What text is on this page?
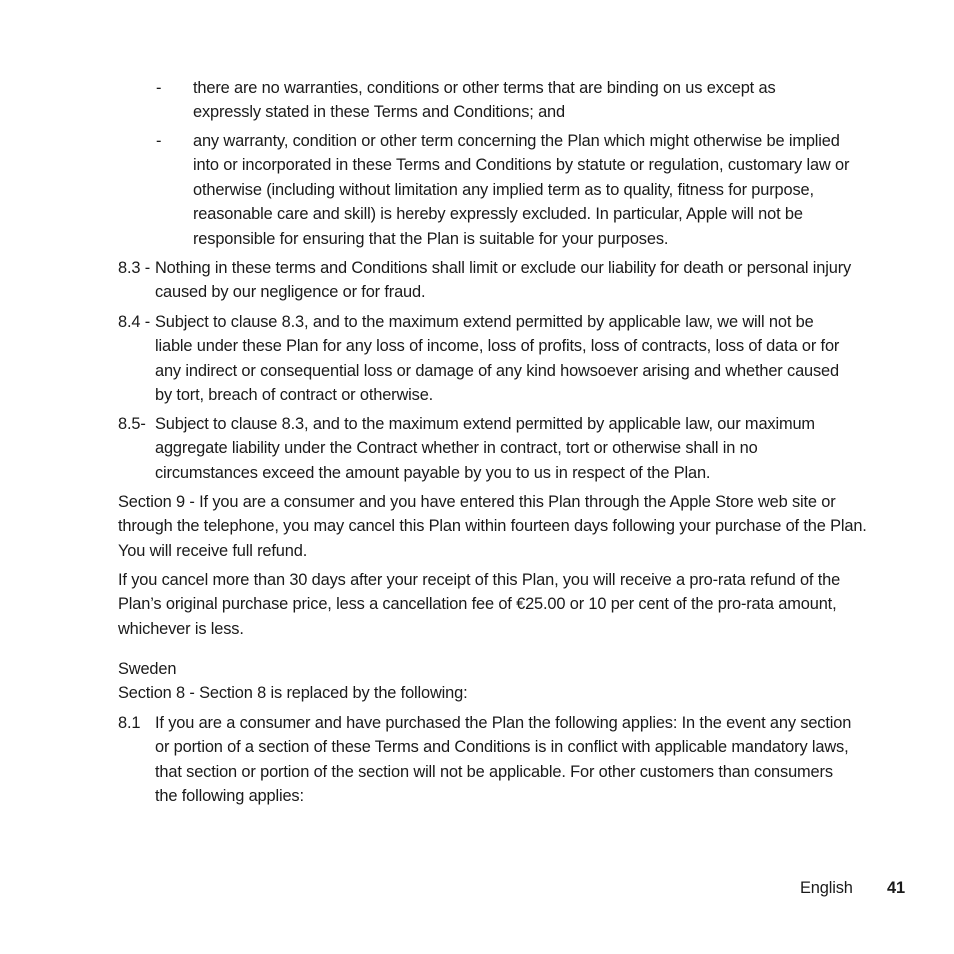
- there are no warranties, conditions or other terms that are binding on us except as expressly stated in these Terms and Conditions; and
- any warranty, condition or other term concerning the Plan which might otherwise be implied into or incorporated in these Terms and Conditions by statute or regulation, customary law or otherwise (including without limitation any implied term as to quality, fitness for purpose, reasonable care and skill) is hereby expressly excluded. In particular, Apple will not be responsible for ensuring that the Plan is suitable for your purposes.
8.3 - Nothing in these terms and Conditions shall limit or exclude our liability for death or personal injury caused by our negligence or for fraud.
8.4 - Subject to clause 8.3, and to the maximum extend permitted by applicable law, we will not be liable under these Plan for any loss of income, loss of profits, loss of contracts, loss of data or for any indirect or consequential loss or damage of any kind howsoever arising and whether caused by tort, breach of contract or otherwise.
8.5- Subject to clause 8.3, and to the maximum extend permitted by applicable law, our maximum aggregate liability under the Contract whether in contract, tort or otherwise shall in no circumstances exceed the amount payable by you to us in respect of the Plan.

Section 9 - If you are a consumer and you have entered this Plan through the Apple Store web site or through the telephone, you may cancel this Plan within fourteen days following your purchase of the Plan. You will receive full refund.

If you cancel more than 30 days after your receipt of this Plan, you will receive a pro-rata refund of the Plan’s original purchase price, less a cancellation fee of €25.00 or 10 per cent of the pro-rata amount, whichever is less.

Sweden

Section 8 - Section 8 is replaced by the following:

8.1 If you are a consumer and have purchased the Plan the following applies: In the event any section or portion of a section of these Terms and Conditions is in conflict with applicable mandatory laws, that section or portion of the section will not be applicable. For other customers than consumers the following applies:
English 41
